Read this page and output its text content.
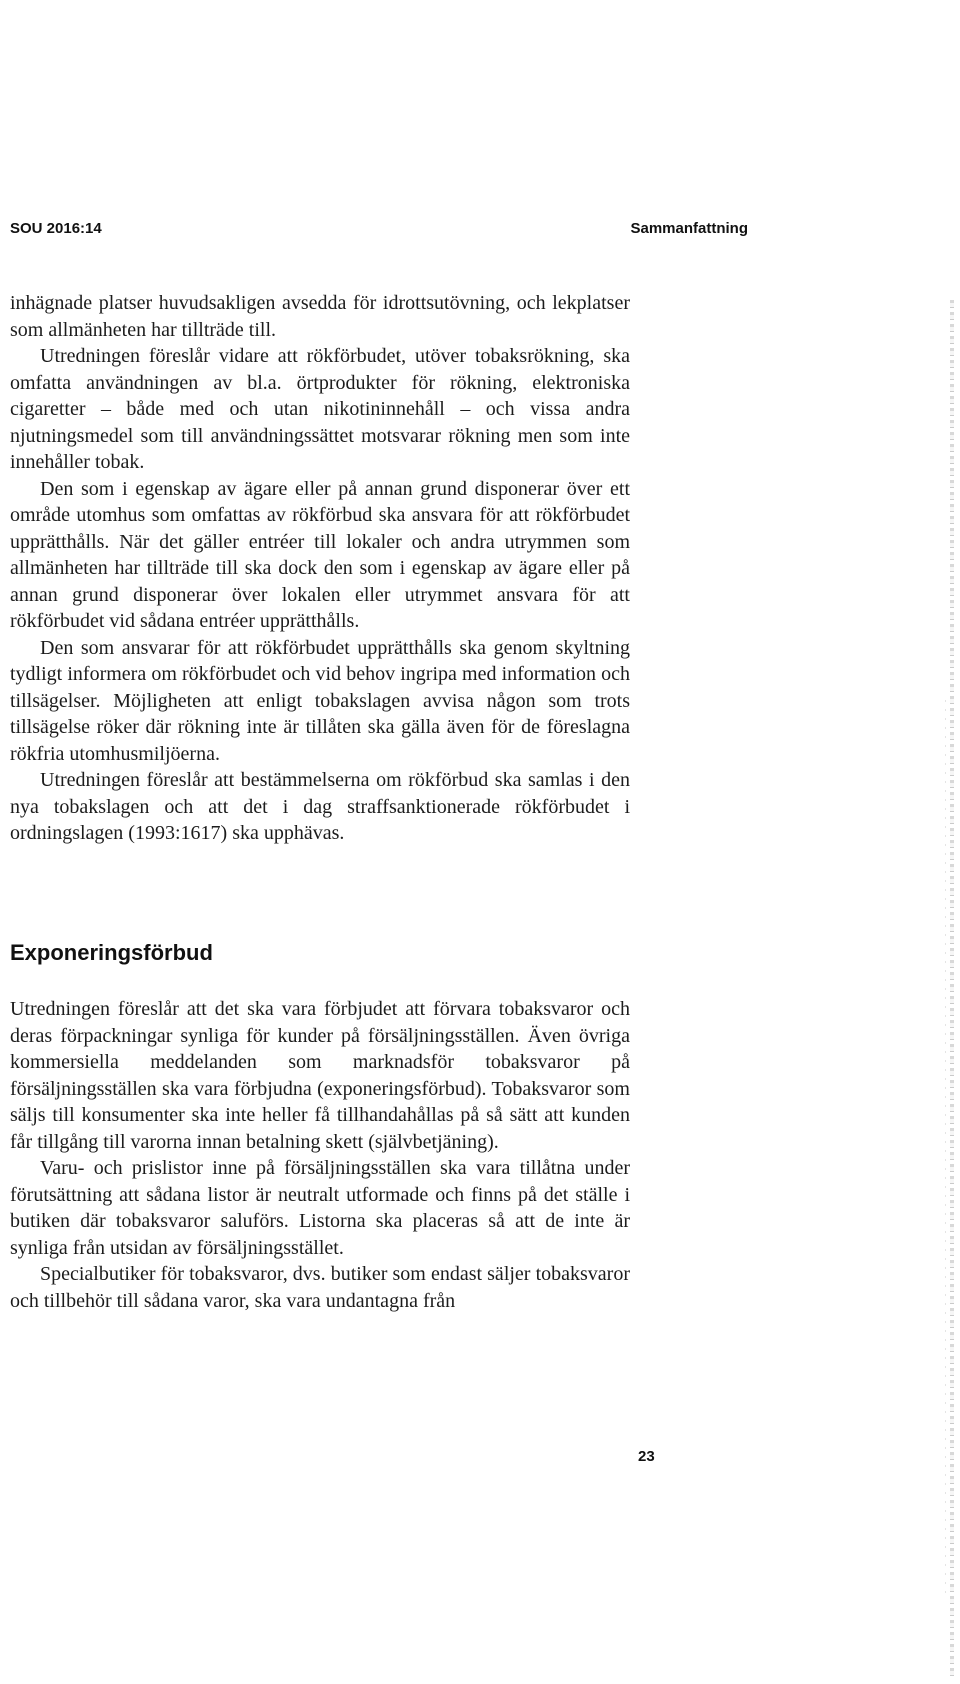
SOU 2016:14	Sammanfattning

inhägnade platser huvudsakligen avsedda för idrottsutövning, och lekplatser som allmänheten har tillträde till.

Utredningen föreslår vidare att rökförbudet, utöver tobaksrökning, ska omfatta användningen av bl.a. örtprodukter för rökning, elektroniska cigaretter – både med och utan nikotininnehåll – och vissa andra njutningsmedel som till användningssättet motsvarar rökning men som inte innehåller tobak.

Den som i egenskap av ägare eller på annan grund disponerar över ett område utomhus som omfattas av rökförbud ska ansvara för att rökförbudet upprätthålls. När det gäller entréer till lokaler och andra utrymmen som allmänheten har tillträde till ska dock den som i egenskap av ägare eller på annan grund disponerar över lokalen eller utrymmet ansvara för att rökförbudet vid sådana entréer upprätthålls.

Den som ansvarar för att rökförbudet upprätthålls ska genom skyltning tydligt informera om rökförbudet och vid behov ingripa med information och tillsägelser. Möjligheten att enligt tobakslagen avvisa någon som trots tillsägelse röker där rökning inte är tillåten ska gälla även för de föreslagna rökfria utomhusmiljöerna.

Utredningen föreslår att bestämmelserna om rökförbud ska samlas i den nya tobakslagen och att det i dag straffsanktionerade rökförbudet i ordningslagen (1993:1617) ska upphävas.

Exponeringsförbud

Utredningen föreslår att det ska vara förbjudet att förvara tobaksvaror och deras förpackningar synliga för kunder på försäljningsställen. Även övriga kommersiella meddelanden som marknadsför tobaksvaror på försäljningsställen ska vara förbjudna (exponeringsförbud). Tobaksvaror som säljs till konsumenter ska inte heller få tillhandahållas på så sätt att kunden får tillgång till varorna innan betalning skett (självbetjäning).

Varu- och prislistor inne på försäljningsställen ska vara tillåtna under förutsättning att sådana listor är neutralt utformade och finns på det ställe i butiken där tobaksvaror saluförs. Listorna ska placeras så att de inte är synliga från utsidan av försäljningsstället.

Specialbutiker för tobaksvaror, dvs. butiker som endast säljer tobaksvaror och tillbehör till sådana varor, ska vara undantagna från

23
